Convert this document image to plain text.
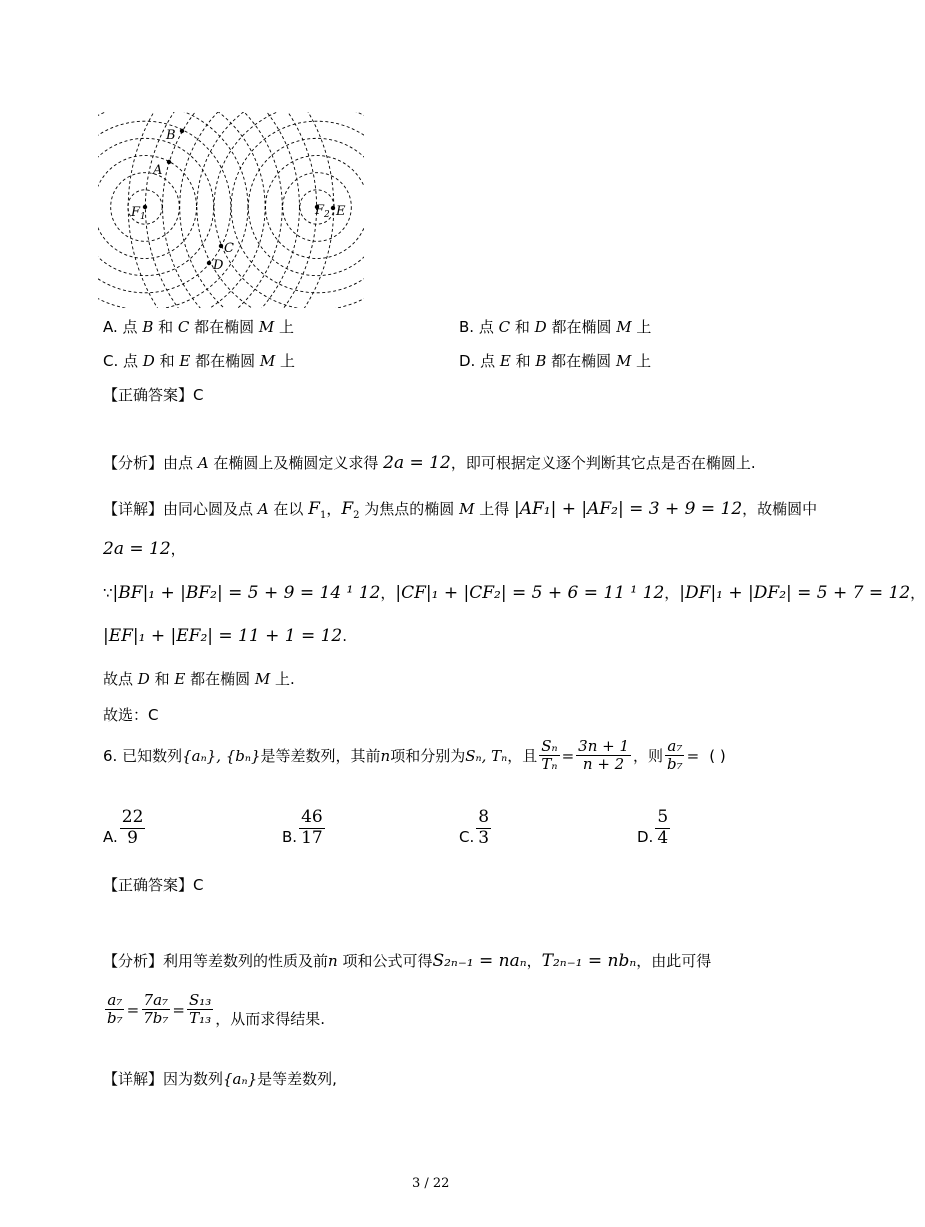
B
A
$F_1$	$F_2$ E
C
D
A. 点 B 和 C 都在椭圆 M 上	B. 点 C 和 D 都在椭圆 M 上
C. 点 D 和 E 都在椭圆 M 上	D. 点 E 和 B 都在椭圆 M 上
【正确答案】C
【分析】由点 A 在椭圆上及椭圆定义求得 2a = 12，即可根据定义逐个判断其它点是否在椭圆上.
【详解】由同心圆及点 A 在以 $F_1$，$F_2$ 为焦点的椭圆 M 上得 |AF₁| + |AF₂| = 3 + 9 = 12，故椭圆中
2a = 12，
∵|BF|₁ + |BF₂| = 5 + 9 = 14 ¹ 12，|CF|₁ + |CF₂| = 5 + 6 = 11 ¹ 12，|DF|₁ + |DF₂| = 5 + 7 = 12，
|EF|₁ + |EF₂| = 11 + 1 = 12.
故点 D 和 E 都在椭圆 M 上.
故选：C
6. 已知数列 {aₙ}, {bₙ} 是等差数列，其前 n 项和分别为 Sₙ, Tₙ ，且 $\frac{\text{Sₙ}}{\text{Tₙ}} = \frac{3n + 1}{n + 2}$ ， 则 $\frac{\text{a₇}}{\text{b₇}}$ = ( )
A. $\frac{22}{9}$	B. $\frac{46}{17}$	C. $\frac{8}{3}$	D. $\frac{5}{4}$
【正确答案】C
【分析】利用等差数列的性质及前n 项和公式可得S₂ₙ₋₁ = naₙ，T₂ₙ₋₁ = nbₙ，由此可得
$\frac{\text{a₇}}{\text{b₇}} = \frac{\text{7a₇}}{\text{7b₇}} = \frac{\text{S₁₃}}{\text{T₁₃}}$ ，从而求得结果.
【详解】因为数列{aₙ}是等差数列,
3 / 22
